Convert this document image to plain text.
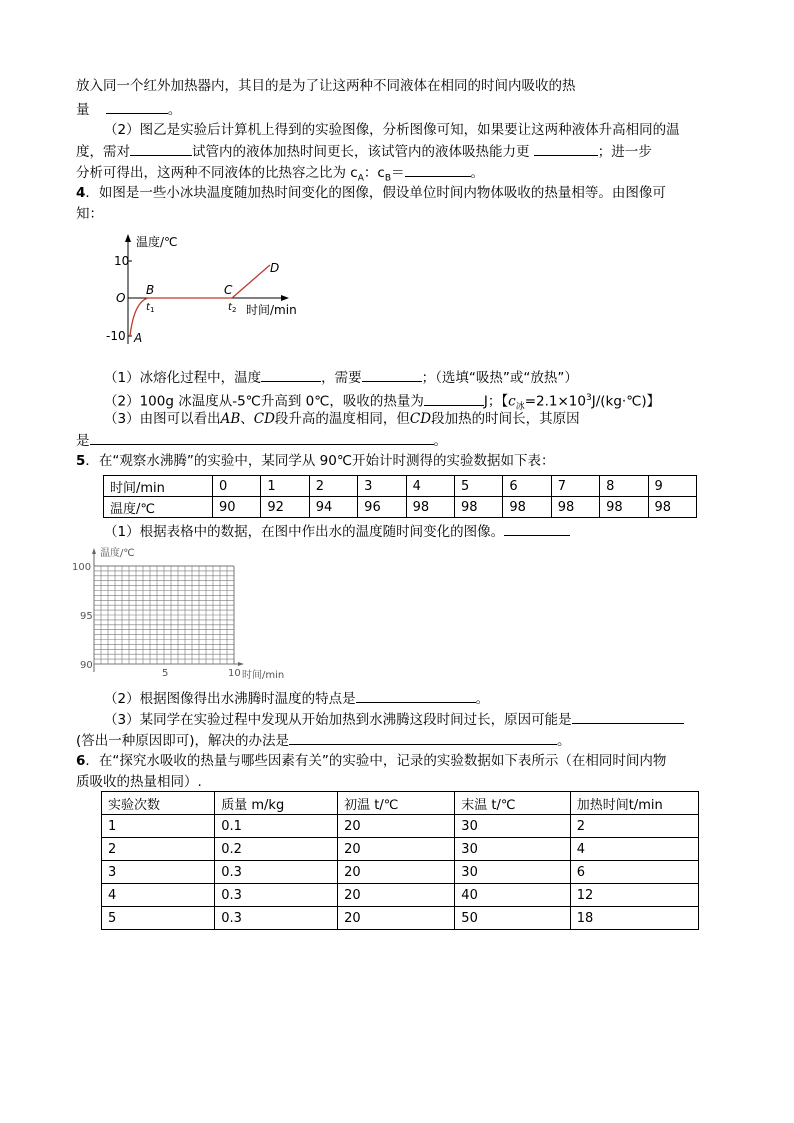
放入同一个红外加热器内，其目的是为了让这两种不同液体在相同的时间内吸收的热
量	。
（2）图乙是实验后计算机上得到的实验图像，分析图像可知，如果要让这两种液体升高相同的温
度，需对	试管内的液体加热时间更长，该试管内的液体吸热能力更	；进一步
分析可得出，这两种不同液体的比热容之比为 $c_A$：$c_B=$	。
4．如图是一些小冰块温度随加热时间变化的图像，假设单位时间内物体吸收的热量相等。由图像可
知：
温度/℃
10
-10
O
A
B	C
D
t 1	t 2 时间/min
（1）冰熔化过程中，温度	，需要	；（选填“吸热”或“放热”）
（2）100g 冰温度从-5℃升高到 0℃，吸收的热量为	J；【$c_冰=2.1\times 10^3J/(kg\cdot℃)$】
（3）由图可以看出AB、CD段升高的温度相同，但CD段加热的时间长，其原因
是	。
5．在“观察水沸腾”的实验中，某同学从 90℃开始计时测得的实验数据如下表：
时间/min	0	1	2	3	4	5	6	7	8	9
温度/℃	90	92	94	96	98	98	98	98	98	98
（1）根据表格中的数据，在图中作出水的温度随时间变化的图像。
温度/℃
100
95
90
5	10 时间/min
（2）根据图像得出水沸腾时温度的特点是	。
（3）某同学在实验过程中发现从开始加热到水沸腾这段时间过长，原因可能是
(答出一种原因即可)，解决的办法是	。
6．在“探究水吸收的热量与哪些因素有关”的实验中，记录的实验数据如下表所示（在相同时间内物
质吸收的热量相同）.
实验次数	质量 m/kg	初温 t/℃	末温 t/℃	加热时间t/min
1	0.1	20	30	2
2	0.2	20	30	4
3	0.3	20	30	6
4	0.3	20	40	12
5	0.3	20	50	18
